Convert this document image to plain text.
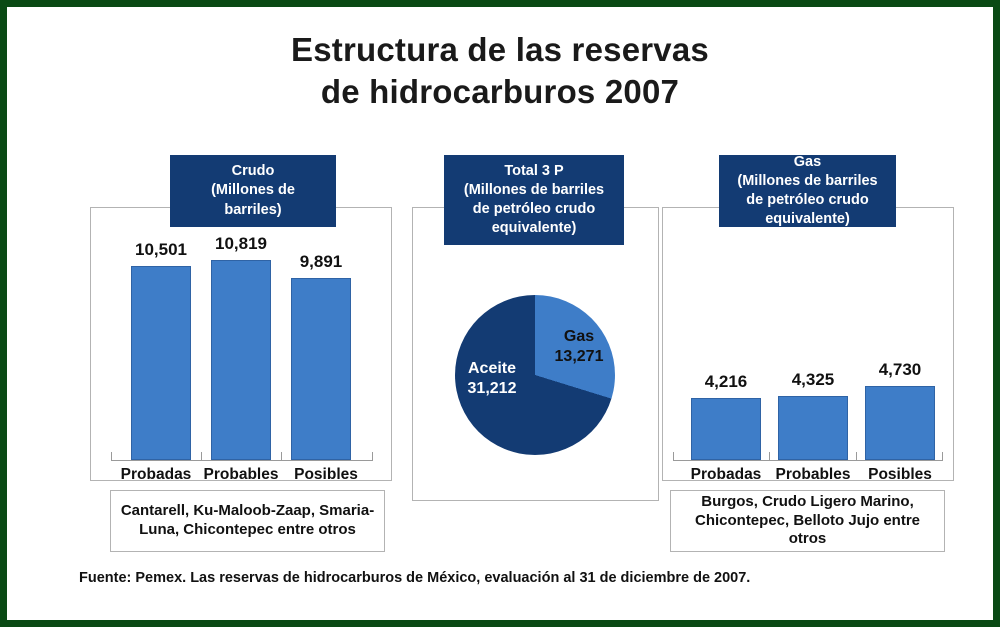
Estructura de las reservas
de hidrocarburos 2007
10,501	10,819
9,891
Probadas Probables	Posibles
Crudo
(Millones de
barriles)
Cantarell, Ku-Maloob-Zaap, Smaria-Luna, Chicontepec entre otros
Total 3 P
(Millones de barriles
de petróleo crudo
equivalente)
Aceite
31,212
Gas
13,271
4,216	4,325
4,730
Probadas Probables	Posibles
Gas
(Millones de barriles
de petróleo crudo
equivalente)
Burgos, Crudo Ligero Marino, Chicontepec, Belloto Jujo entre otros
Fuente: Pemex. Las reservas de hidrocarburos de México, evaluación al 31 de diciembre de 2007.
